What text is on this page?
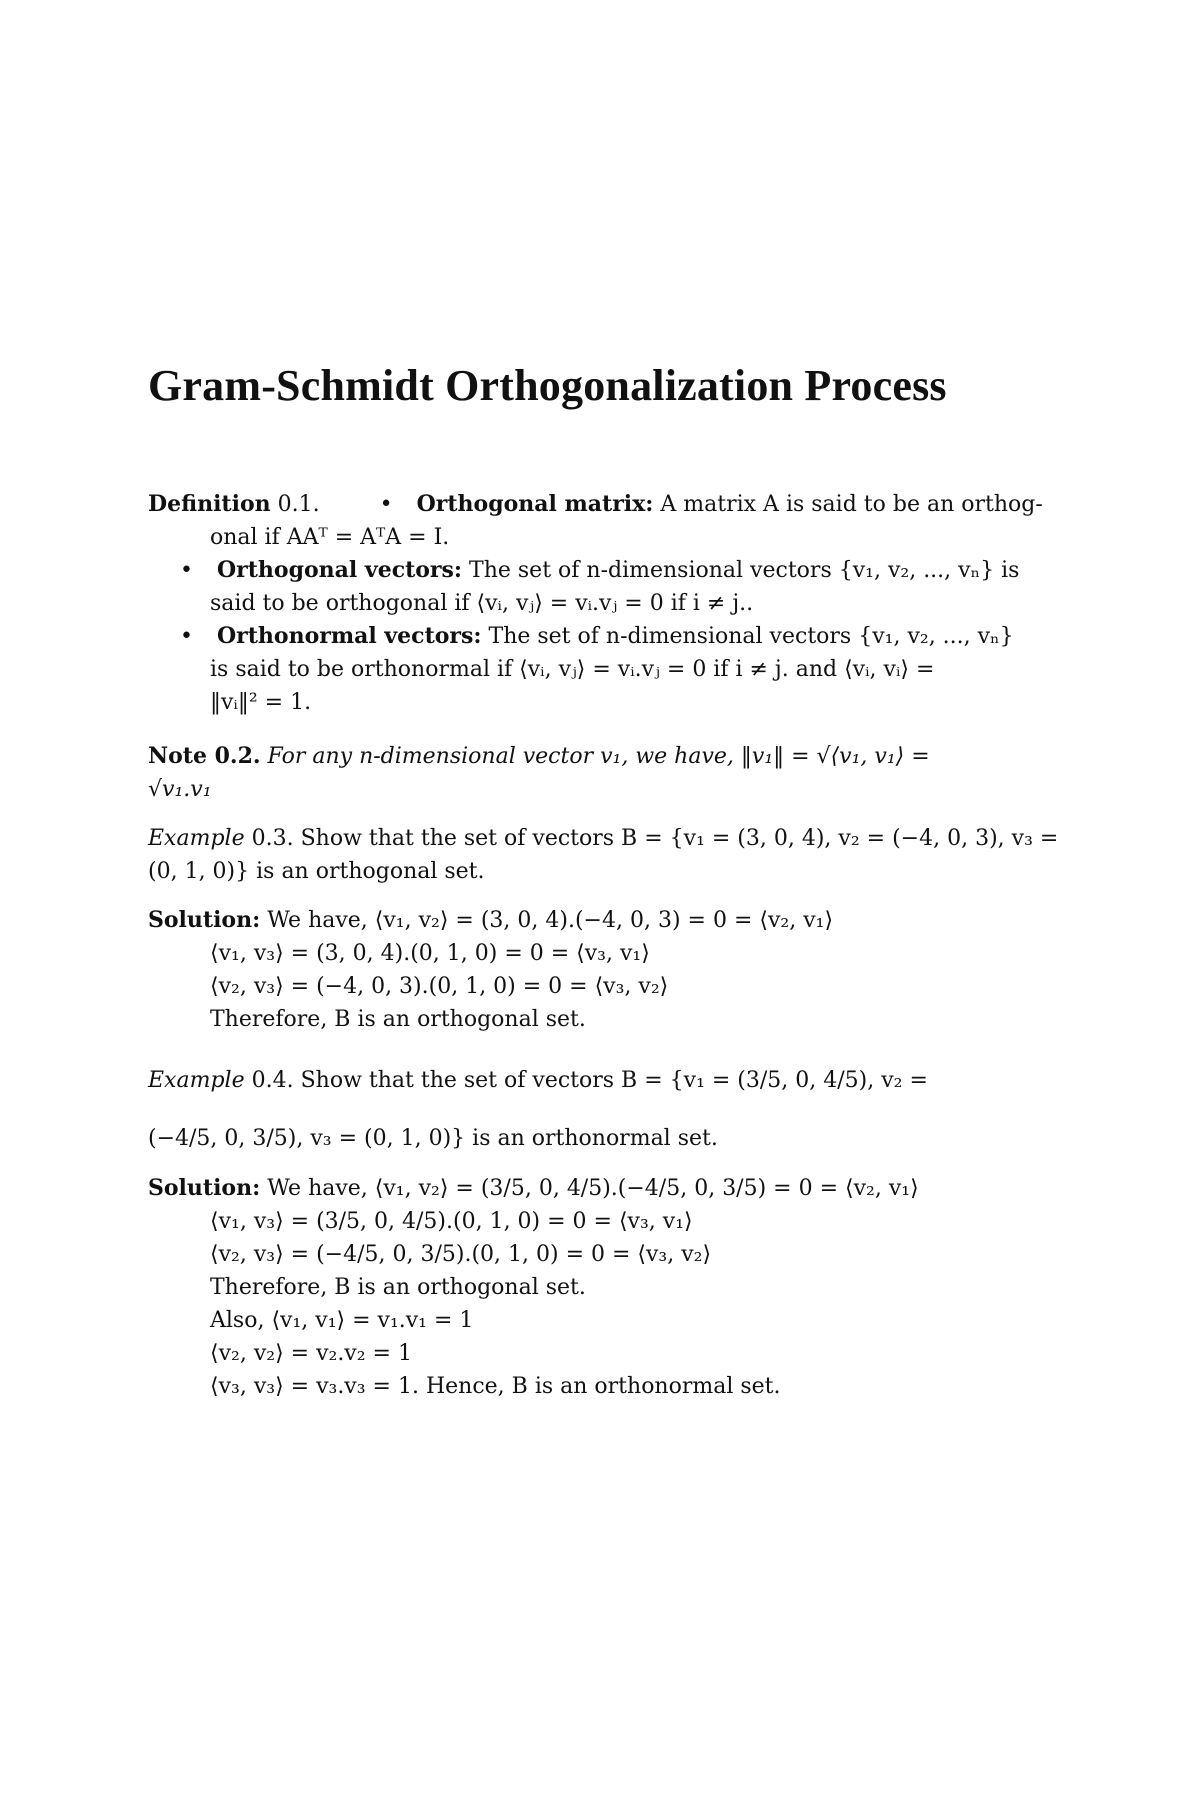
Gram-Schmidt Orthogonalization Process
Definition 0.1.	• Orthogonal matrix: A matrix A is said to be an orthog-
onal if AAᵀ = AᵀA = I.
• Orthogonal vectors: The set of n-dimensional vectors {v₁, v₂, ..., vₙ} is
said to be orthogonal if ⟨vᵢ, vⱼ⟩ = vᵢ.vⱼ = 0 if i ≠ j..
• Orthonormal vectors: The set of n-dimensional vectors {v₁, v₂, ..., vₙ}
is said to be orthonormal if ⟨vᵢ, vⱼ⟩ = vᵢ.vⱼ = 0 if i ≠ j. and ⟨vᵢ, vᵢ⟩ =
‖vᵢ‖² = 1.
Note 0.2. For any n-dimensional vector v₁, we have, ‖v₁‖ = √⟨v₁, v₁⟩ =
√v₁.v₁
Example 0.3. Show that the set of vectors B = {v₁ = (3, 0, 4), v₂ = (−4, 0, 3), v₃ =
(0, 1, 0)} is an orthogonal set.
Solution: We have, ⟨v₁, v₂⟩ = (3, 0, 4).(−4, 0, 3) = 0 = ⟨v₂, v₁⟩
⟨v₁, v₃⟩ = (3, 0, 4).(0, 1, 0) = 0 = ⟨v₃, v₁⟩
⟨v₂, v₃⟩ = (−4, 0, 3).(0, 1, 0) = 0 = ⟨v₃, v₂⟩
Therefore, B is an orthogonal set.
Example 0.4. Show that the set of vectors B = {v₁ = (3/5, 0, 4/5), v₂ =
(−4/5, 0, 3/5), v₃ = (0, 1, 0)} is an orthonormal set.
Solution: We have, ⟨v₁, v₂⟩ = (3/5, 0, 4/5).(−4/5, 0, 3/5) = 0 = ⟨v₂, v₁⟩
⟨v₁, v₃⟩ = (3/5, 0, 4/5).(0, 1, 0) = 0 = ⟨v₃, v₁⟩
⟨v₂, v₃⟩ = (−4/5, 0, 3/5).(0, 1, 0) = 0 = ⟨v₃, v₂⟩
Therefore, B is an orthogonal set.
Also, ⟨v₁, v₁⟩ = v₁.v₁ = 1
⟨v₂, v₂⟩ = v₂.v₂ = 1
⟨v₃, v₃⟩ = v₃.v₃ = 1. Hence, B is an orthonormal set.
